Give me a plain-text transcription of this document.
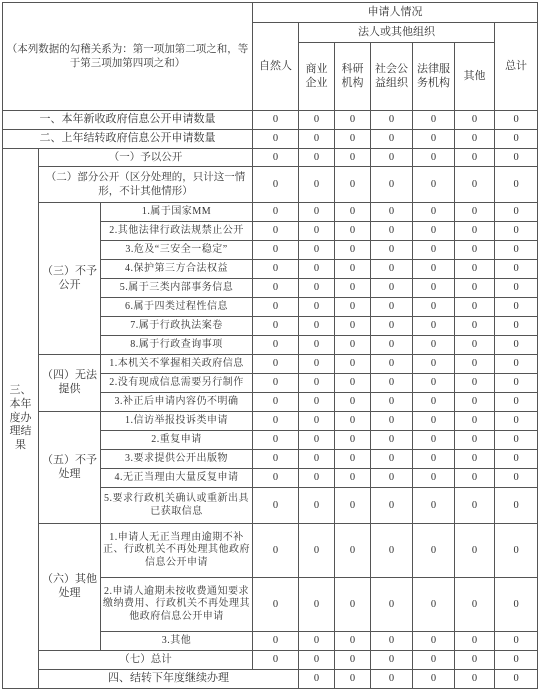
（本列数据的勾稽关系为：第一项加第二项之和，等于第三项加第四项之和）			申请人情况							
			自然人	法人或其他组织					总计	
				商业企业	科研机构	社会公益组织	法律服务机构	其他		
一、本年新收政府信息公开申请数量			0	0	0	0	0	0	0	
二、上年结转政府信息公开申请数量			0	0	0	0	0	0	0	
三、本年度办理结果	（一）予以公开		0	0	0	0	0	0	0	
	（二）部分公开（区分处理的，只计这一情形，不计其他情形）		0	0	0	0	0	0	0	
	（三）不予公开	1.属于国家MM	0	0	0	0	0	0	0	
		2.其他法律行政法规禁止公开	0	0	0	0	0	0	0	
		3.危及“三安全一稳定”	0	0	0	0	0	0	0	
		4.保护第三方合法权益	0	0	0	0	0	0	0	
		5.属于三类内部事务信息	0	0	0	0	0	0	0	
		6.属于四类过程性信息	0	0	0	0	0	0	0	
		7.属于行政执法案卷	0	0	0	0	0	0	0	
		8.属于行政查询事项	0	0	0	0	0	0	0	
	（四）无法提供	1.本机关不掌握相关政府信息	0	0	0	0	0	0	0	
		2.没有现成信息需要另行制作	0	0	0	0	0	0	0	
		3.补正后申请内容仍不明确	0	0	0	0	0	0	0	
	（五）不予处理	1.信访举报投诉类申请	0	0	0	0	0	0	0	
		2.重复申请	0	0	0	0	0	0	0	
		3.要求提供公开出版物	0	0	0	0	0	0	0	
		4.无正当理由大量反复申请	0	0	0	0	0	0	0	
		5.要求行政机关确认或重新出具已获取信息	0	0	0	0	0	0	0	
	（六）其他处理	1.申请人无正当理由逾期不补正、行政机关不再处理其他政府信息公开申请	0	0	0	0	0	0	0	
		2.申请人逾期未按收费通知要求缴纳费用、行政机关不再处理其他政府信息公开申请	0	0	0	0	0	0	0	
		3.其他	0	0	0	0	0	0	0	
	（七）总计		0	0	0	0	0	0	0	
	四、结转下年度继续办理			0	0	0	0	0	0	
